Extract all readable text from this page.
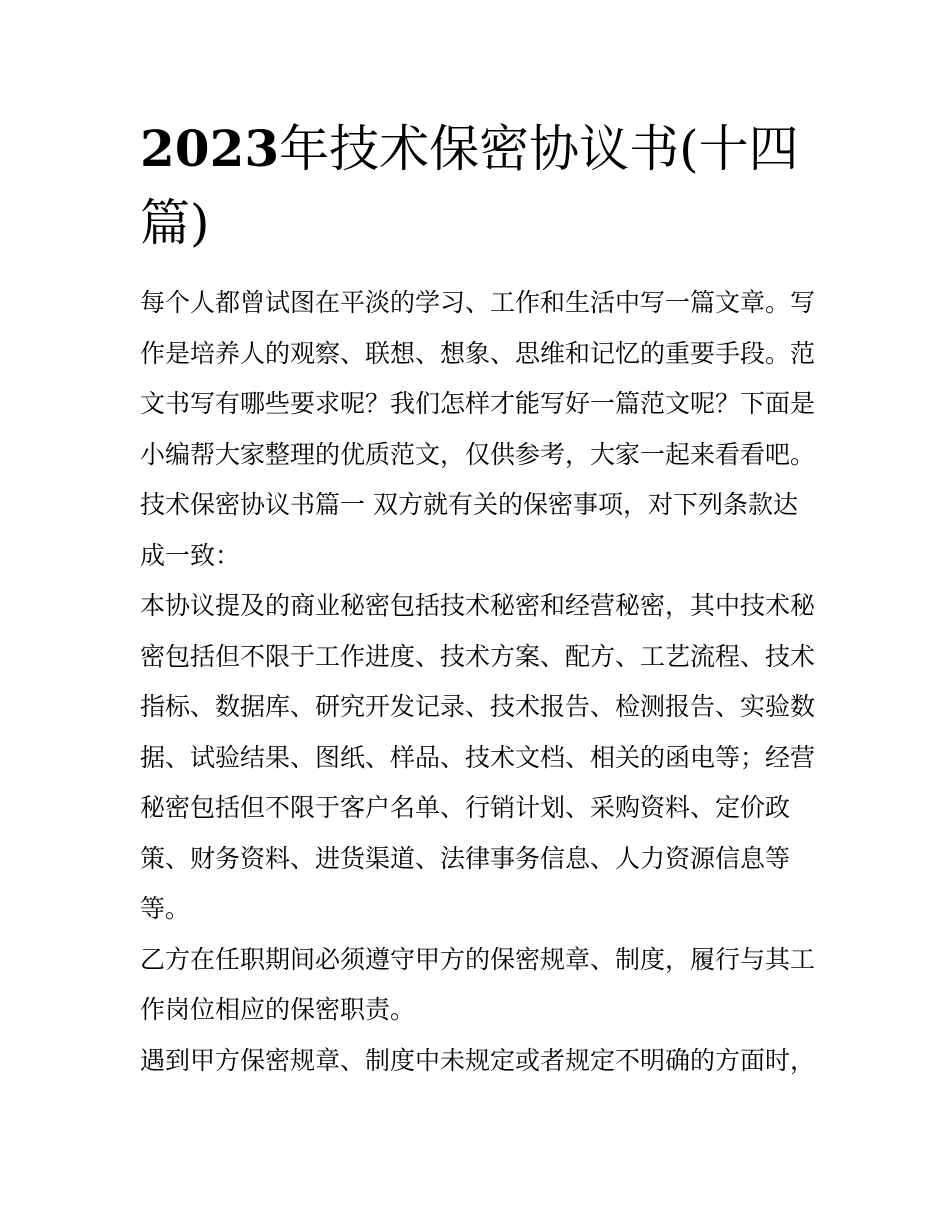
2023年技术保密协议书(十四
篇)
每个人都曾试图在平淡的学习、工作和生活中写一篇文章。写
作是培养人的观察、联想、想象、思维和记忆的重要手段。范
文书写有哪些要求呢？我们怎样才能写好一篇范文呢？下面是
小编帮大家整理的优质范文，仅供参考，大家一起来看看吧。
技术保密协议书篇一 双方就有关的保密事项，对下列条款达
成一致：
本协议提及的商业秘密包括技术秘密和经营秘密，其中技术秘
密包括但不限于工作进度、技术方案、配方、工艺流程、技术
指标、数据库、研究开发记录、技术报告、检测报告、实验数
据、试验结果、图纸、样品、技术文档、相关的函电等；经营
秘密包括但不限于客户名单、行销计划、采购资料、定价政
策、财务资料、进货渠道、法律事务信息、人力资源信息等
等。
乙方在任职期间必须遵守甲方的保密规章、制度，履行与其工
作岗位相应的保密职责。
遇到甲方保密规章、制度中未规定或者规定不明确的方面时，
